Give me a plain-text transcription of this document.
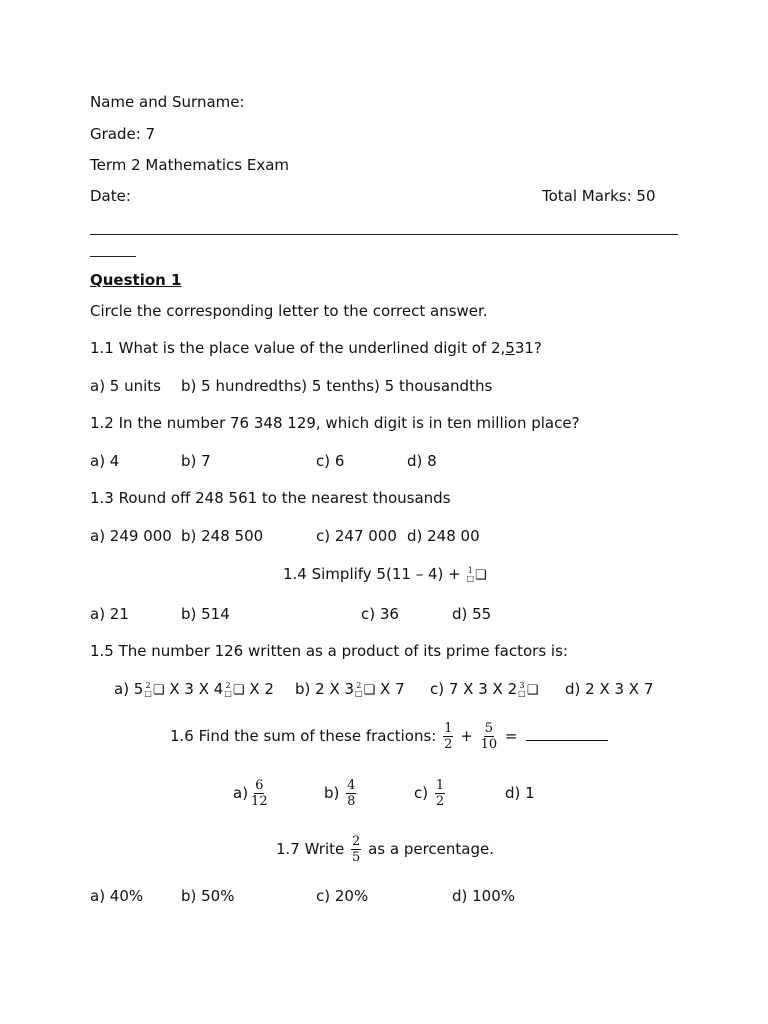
Name and Surname:
Grade: 7
Term 2 Mathematics Exam
Date:	Total Marks: 50
Question 1
Circle the corresponding letter to the correct answer.
1.1 What is the place value of the underlined digit of 2,531?
a) 5 units b) 5 hundredths) 5 tenths) 5 thousandths
1.2 In the number 76 348 129, which digit is in ten million place?
a) 4	b) 7	c) 6	d) 8
1.3 Round off 248 561 to the nearest thousands
a) 249 000 b) 248 500	c) 247 000 d) 248 00
1.4 Simplify 5(11 – 4) + 1
□ ❑
a) 21	b) 514	c) 36	d) 55
1.5 The number 126 written as a product of its prime factors is:
a) 5 2
□ ❑ X 3 X 4 2
□ ❑ X 2 b) 2 X 3 2
□ ❑ X 7 c) 7 X 3 X 2 3
□ ❑ d) 2 X 3 X 7
1.6 Find the sum of these fractions: $\frac{1}{2} + \frac{5}{10}$ =
$a) \frac{6}{12}$	$b) \frac{4}{8}$	$c) \frac{1}{2}$	d) 1
1.7 Write $\frac{2}{5}$ as a percentage.
a) 40%	b) 50%	c) 20%	d) 100%
